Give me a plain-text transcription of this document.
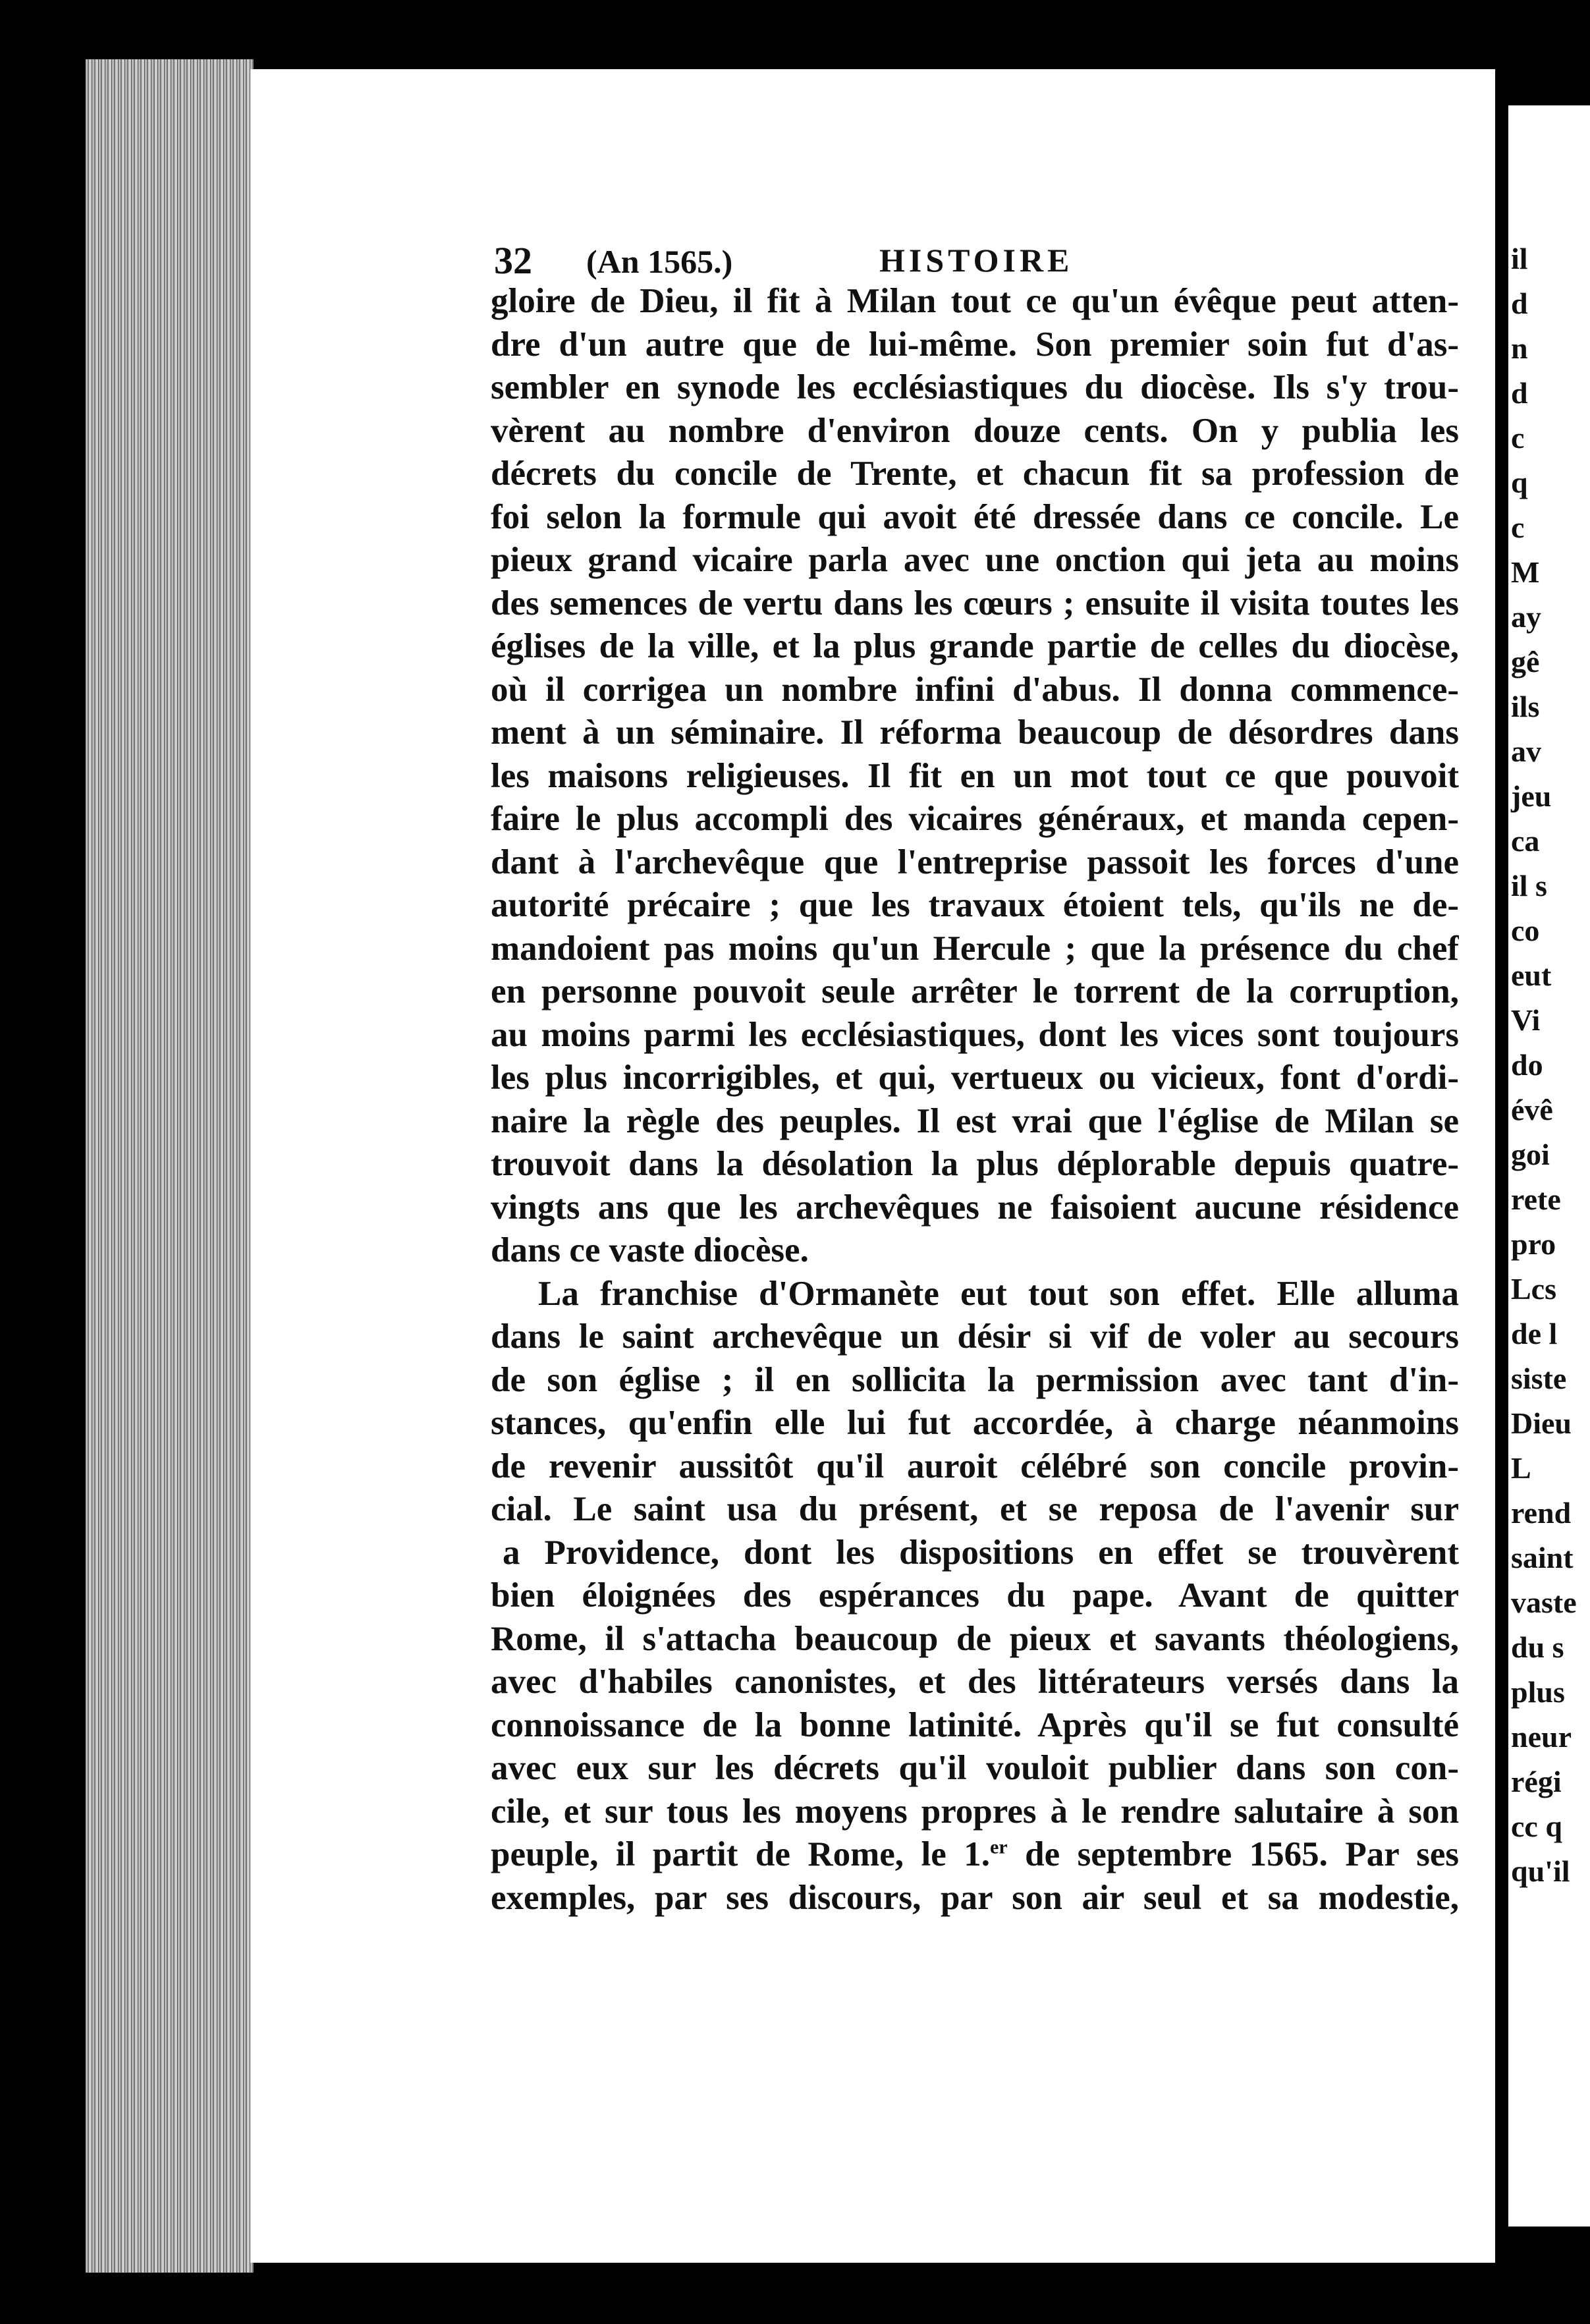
il
d
n
d
c
q
c
M
ay
gê
ils
av
jeu
ca
il s
co
eut
Vi
do
évê
goi
rete
pro
Lcs
de l
siste
Dieu
L
rend
saint
vaste
du s
plus
neur
régi
cc q
qu'il
32 (An 1565.)	HISTOIRE
gloire de Dieu, il fit à Milan tout ce qu'un évêque peut atten-
dre d'un autre que de lui-même. Son premier soin fut d'as-
sembler en synode les ecclésiastiques du diocèse. Ils s'y trou-
vèrent au nombre d'environ douze cents. On y publia les
décrets du concile de Trente, et chacun fit sa profession de
foi selon la formule qui avoit été dressée dans ce concile. Le
pieux grand vicaire parla avec une onction qui jeta au moins
des semences de vertu dans les cœurs ; ensuite il visita toutes les
églises de la ville, et la plus grande partie de celles du diocèse,
où il corrigea un nombre infini d'abus. Il donna commence-
ment à un séminaire. Il réforma beaucoup de désordres dans
les maisons religieuses. Il fit en un mot tout ce que pouvoit
faire le plus accompli des vicaires généraux, et manda cepen-
dant à l'archevêque que l'entreprise passoit les forces d'une
autorité précaire ; que les travaux étoient tels, qu'ils ne de-
mandoient pas moins qu'un Hercule ; que la présence du chef
en personne pouvoit seule arrêter le torrent de la corruption,
au moins parmi les ecclésiastiques, dont les vices sont toujours
les plus incorrigibles, et qui, vertueux ou vicieux, font d'ordi-
naire la règle des peuples. Il est vrai que l'église de Milan se
trouvoit dans la désolation la plus déplorable depuis quatre-
vingts ans que les archevêques ne faisoient aucune résidence
dans ce vaste diocèse.
La franchise d'Ormanète eut tout son effet. Elle alluma
dans le saint archevêque un désir si vif de voler au secours
de son église ; il en sollicita la permission avec tant d'in-
stances, qu'enfin elle lui fut accordée, à charge néanmoins
de revenir aussitôt qu'il auroit célébré son concile provin-
cial. Le saint usa du présent, et se reposa de l'avenir sur
a Providence, dont les dispositions en effet se trouvèrent
bien éloignées des espérances du pape. Avant de quitter
Rome, il s'attacha beaucoup de pieux et savants théologiens,
avec d'habiles canonistes, et des littérateurs versés dans la
connoissance de la bonne latinité. Après qu'il se fut consulté
avec eux sur les décrets qu'il vouloit publier dans son con-
cile, et sur tous les moyens propres à le rendre salutaire à son
peuple, il partit de Rome, le 1.$^{er}$ de septembre 1565. Par ses
exemples, par ses discours, par son air seul et sa modestie,
